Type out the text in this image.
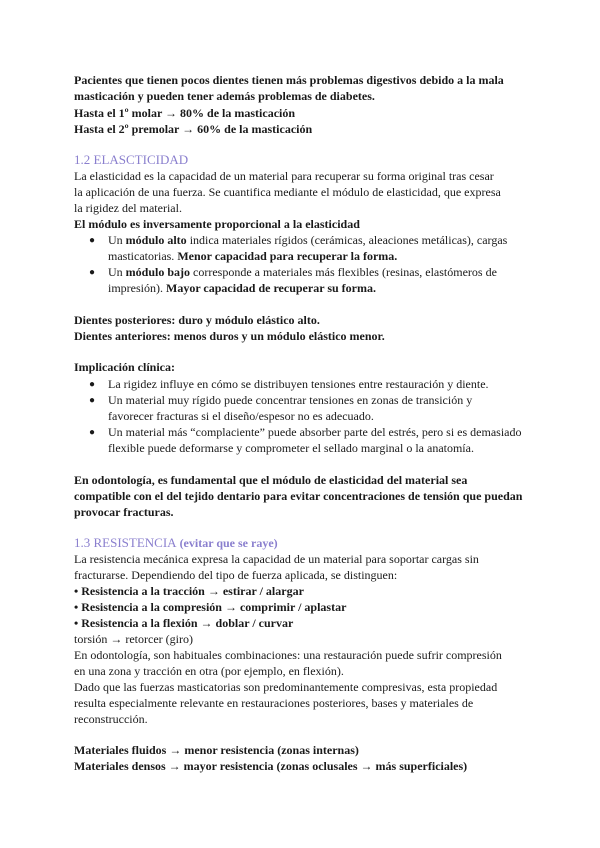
Pacientes que tienen pocos dientes tienen más problemas digestivos debido a la mala
masticación y pueden tener además problemas de diabetes.
Hasta el 1º molar → 80% de la masticación
Hasta el 2º premolar → 60% de la masticación
1.2 ELASCTICIDAD
La elasticidad es la capacidad de un material para recuperar su forma original tras cesar
la aplicación de una fuerza. Se cuantifica mediante el módulo de elasticidad, que expresa
la rigidez del material.
El módulo es inversamente proporcional a la elasticidad
● Un módulo alto indica materiales rígidos (cerámicas, aleaciones metálicas), cargas
masticatorias. Menor capacidad para recuperar la forma.
● Un módulo bajo corresponde a materiales más flexibles (resinas, elastómeros de
impresión). Mayor capacidad de recuperar su forma.
Dientes posteriores: duro y módulo elástico alto.
Dientes anteriores: menos duros y un módulo elástico menor.
Implicación clínica:
● La rigidez influye en cómo se distribuyen tensiones entre restauración y diente.
● Un material muy rígido puede concentrar tensiones en zonas de transición y
favorecer fracturas si el diseño/espesor no es adecuado.
● Un material más “complaciente” puede absorber parte del estrés, pero si es demasiado
flexible puede deformarse y comprometer el sellado marginal o la anatomía.
En odontología, es fundamental que el módulo de elasticidad del material sea
compatible con el del tejido dentario para evitar concentraciones de tensión que puedan
provocar fracturas.
1.3 RESISTENCIA (evitar que se raye)
La resistencia mecánica expresa la capacidad de un material para soportar cargas sin
fracturarse. Dependiendo del tipo de fuerza aplicada, se distinguen:
• Resistencia a la tracción → estirar / alargar
• Resistencia a la compresión → comprimir / aplastar
• Resistencia a la flexión → doblar / curvar
torsión → retorcer (giro)
En odontología, son habituales combinaciones: una restauración puede sufrir compresión
en una zona y tracción en otra (por ejemplo, en flexión).
Dado que las fuerzas masticatorias son predominantemente compresivas, esta propiedad
resulta especialmente relevante en restauraciones posteriores, bases y materiales de
reconstrucción.
Materiales fluidos → menor resistencia (zonas internas)
Materiales densos → mayor resistencia (zonas oclusales → más superficiales)
